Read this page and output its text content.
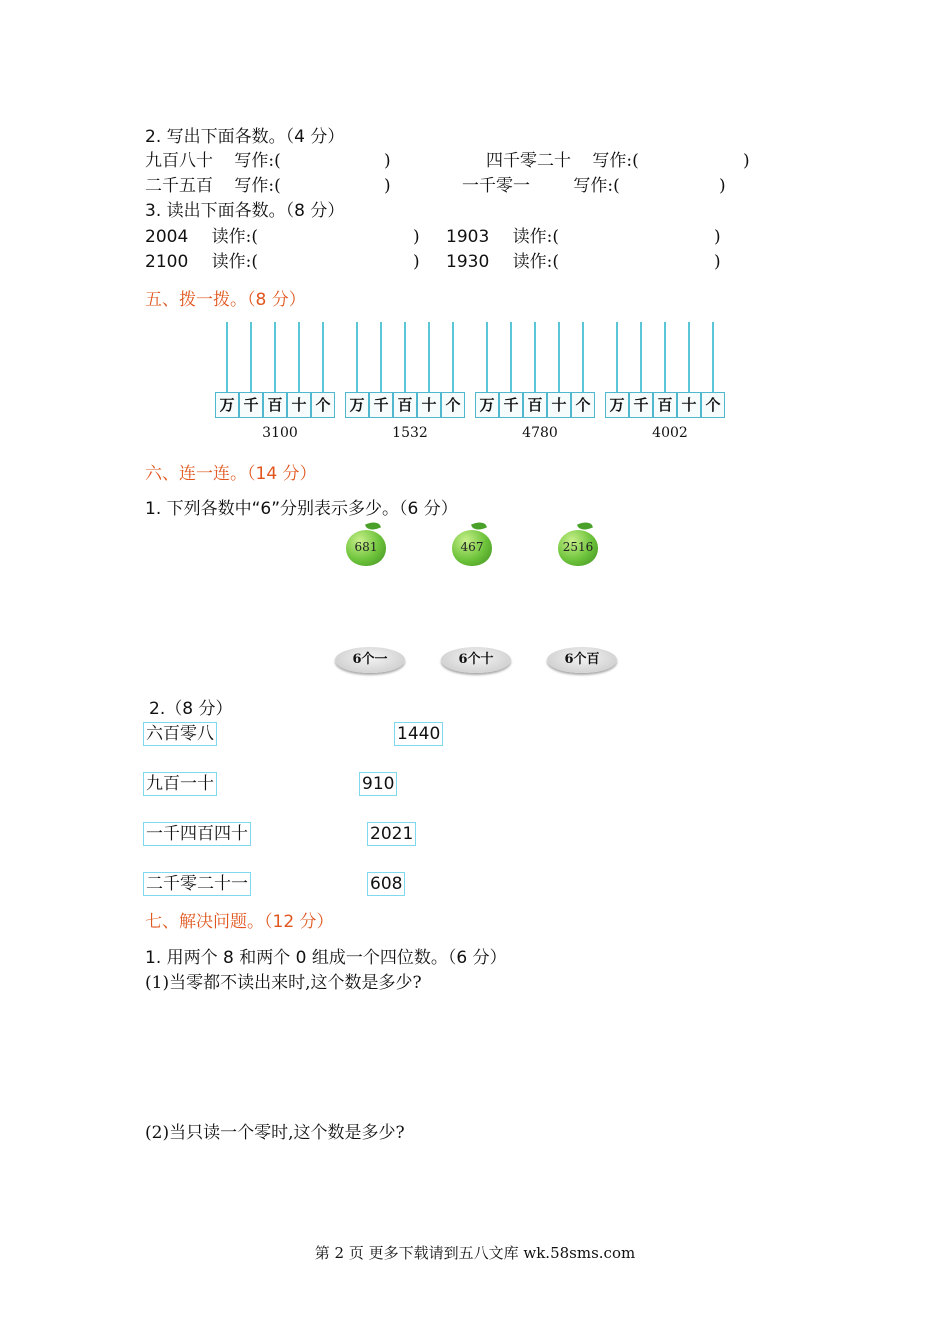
2. 写出下面各数。（4 分）
九百八十 写作:(	)	四千零二十 写作:(	)
二千五百 写作:(	)	一千零一	写作:(	)
3. 读出下面各数。（8 分）
2004 读作:(	) 1903 读作:(	)
2100 读作:(	) 1930 读作:(	)
五、拨一拨。（8 分）
万 千 百 十 个	万 千 百 十 个	万 千 百 十 个	万 千 百 十 个
3100	1532	4780	4002
六、连一连。（14 分）
1. 下列各数中“6”分别表示多少。（6 分）
681	467	2516
6个一	6个十	6个百
2.（8 分）
六百零八
九百一十
一千四百四十
二千零二十一
1440
910
2021
608
七、解决问题。（12 分）
1. 用两个 8 和两个 0 组成一个四位数。（6 分）
(1)当零都不读出来时,这个数是多少?
(2)当只读一个零时,这个数是多少?
第 2 页 更多下载请到五八文库 wk.58sms.com
